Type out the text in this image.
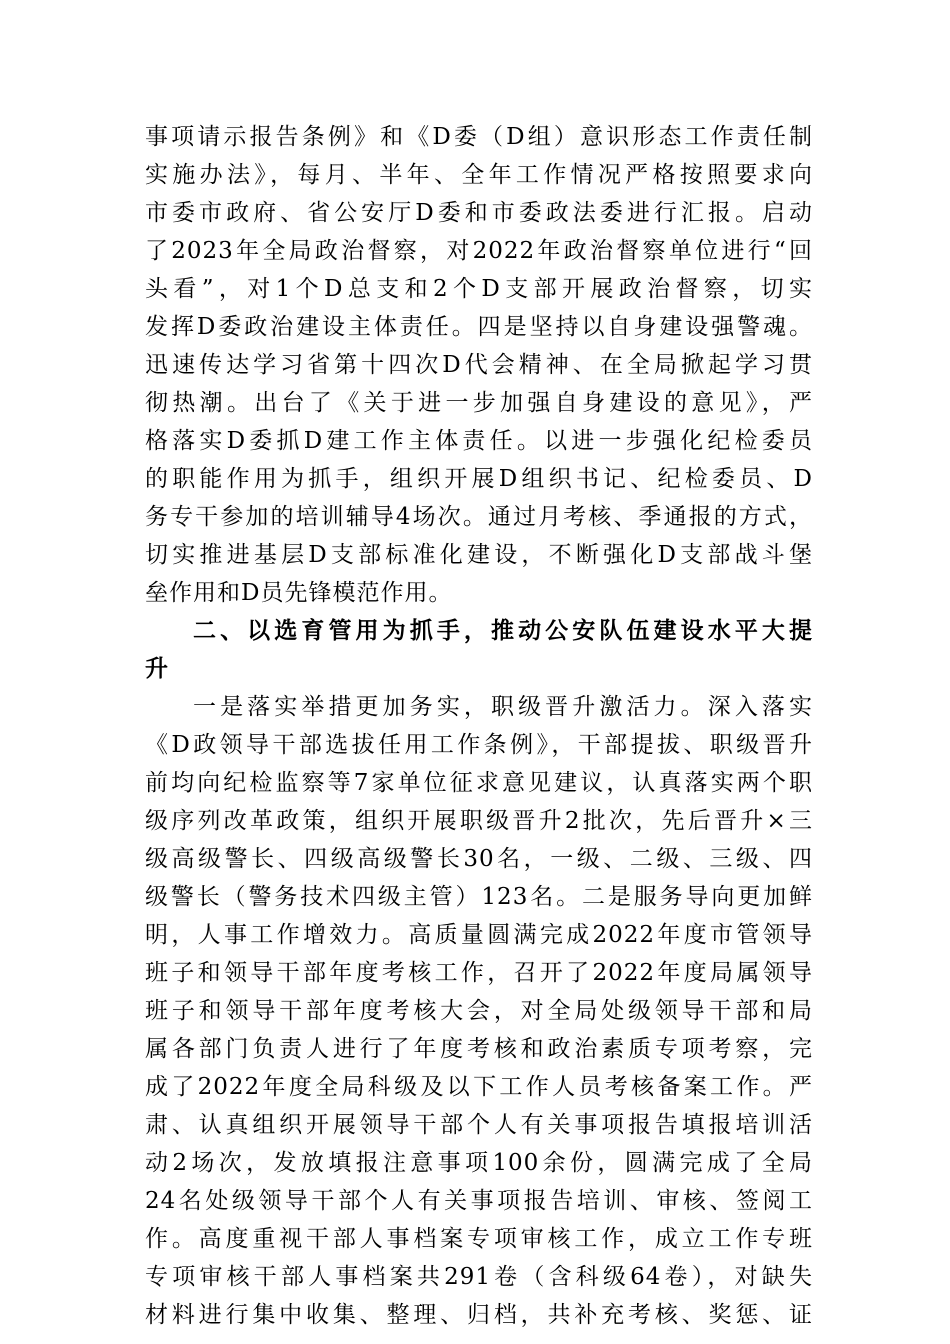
事项请示报告条例》和《D委（D组）意识形态工作责任制
实施办法》，每月、半年、全年工作情况严格按照要求向
市委市政府、省公安厅D委和市委政法委进行汇报。启动
了2023年全局政治督察，对2022年政治督察单位进行“回
头看”，对1个D总支和2个D支部开展政治督察，切实
发挥D委政治建设主体责任。四是坚持以自身建设强警魂。
迅速传达学习省第十四次D代会精神、在全局掀起学习贯
彻热潮。出台了《关于进一步加强自身建设的意见》，严
格落实D委抓D建工作主体责任。以进一步强化纪检委员
的职能作用为抓手，组织开展D组织书记、纪检委员、D
务专干参加的培训辅导4场次。通过月考核、季通报的方式，
切实推进基层D支部标准化建设，不断强化D支部战斗堡
垒作用和D员先锋模范作用。
二、以选育管用为抓手，推动公安队伍建设水平大提
升
一是落实举措更加务实，职级晋升激活力。深入落实
《D政领导干部选拔任用工作条例》，干部提拔、职级晋升
前均向纪检监察等7家单位征求意见建议，认真落实两个职
级序列改革政策，组织开展职级晋升2批次，先后晋升×三
级高级警长、四级高级警长30名，一级、二级、三级、四
级警长（警务技术四级主管）123名。二是服务导向更加鲜
明，人事工作增效力。高质量圆满完成2022年度市管领导
班子和领导干部年度考核工作，召开了2022年度局属领导
班子和领导干部年度考核大会，对全局处级领导干部和局
属各部门负责人进行了年度考核和政治素质专项考察，完
成了2022年度全局科级及以下工作人员考核备案工作。严
肃、认真组织开展领导干部个人有关事项报告填报培训活
动2场次，发放填报注意事项100余份，圆满完成了全局
24名处级领导干部个人有关事项报告培训、审核、签阅工
作。高度重视干部人事档案专项审核工作，成立工作专班
专项审核干部人事档案共291卷（含科级64卷），对缺失
材料进行集中收集、整理、归档，共补充考核、奖惩、证
